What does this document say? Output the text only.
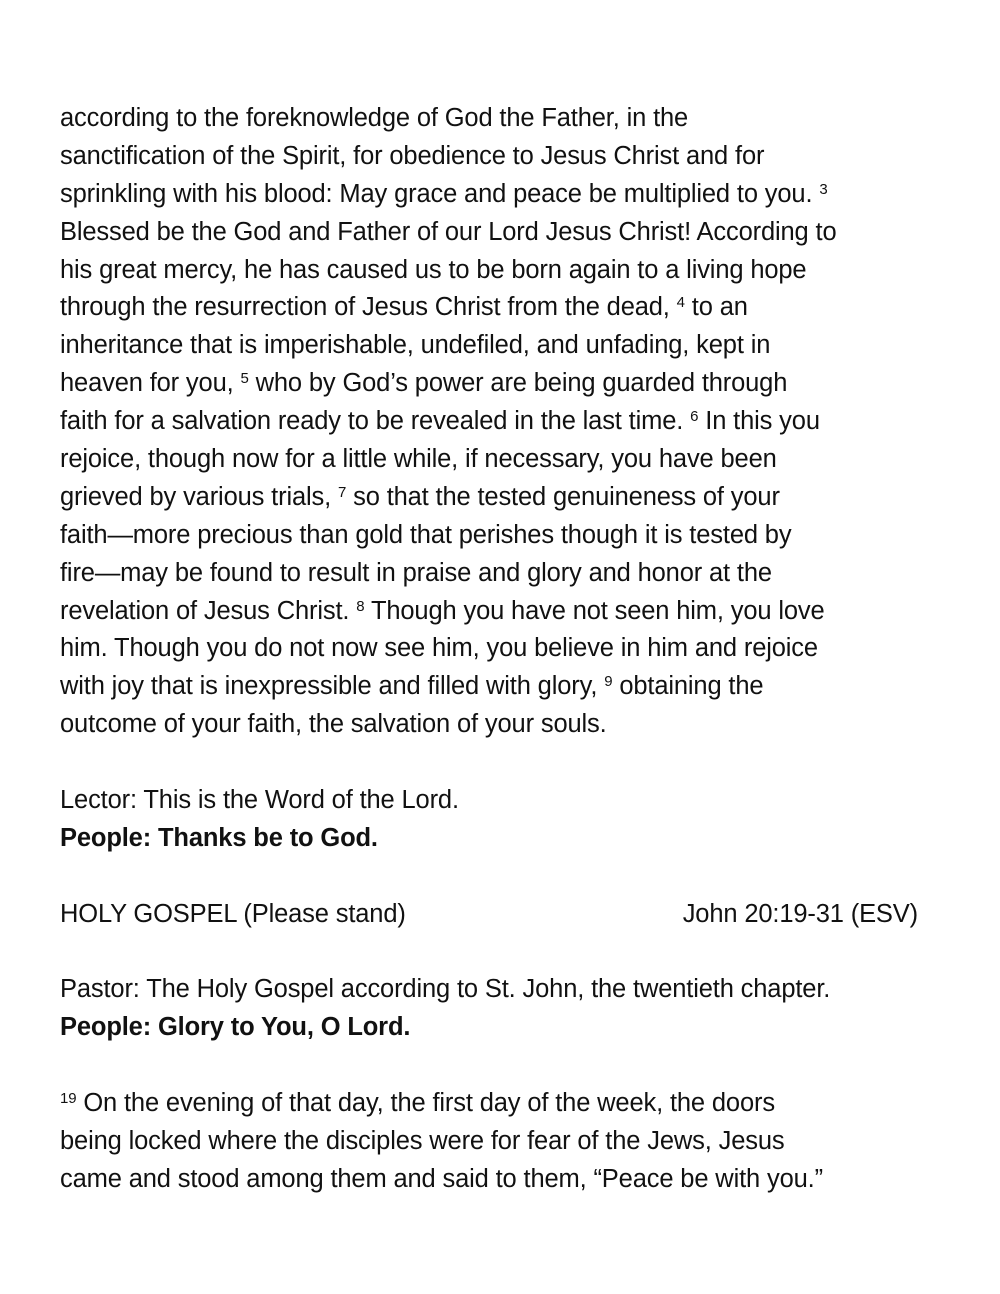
according to the foreknowledge of God the Father, in the
sanctification of the Spirit, for obedience to Jesus Christ and for
sprinkling with his blood: May grace and peace be multiplied to you. $^3$
Blessed be the God and Father of our Lord Jesus Christ! According to
his great mercy, he has caused us to be born again to a living hope
through the resurrection of Jesus Christ from the dead, $^4$ to an
inheritance that is imperishable, undefiled, and unfading, kept in
heaven for you, $^5$ who by God’s power are being guarded through
faith for a salvation ready to be revealed in the last time. $^6$ In this you
rejoice, though now for a little while, if necessary, you have been
grieved by various trials, $^7$ so that the tested genuineness of your
faith—more precious than gold that perishes though it is tested by
fire—may be found to result in praise and glory and honor at the
revelation of Jesus Christ. $^8$ Though you have not seen him, you love
him. Though you do not now see him, you believe in him and rejoice
with joy that is inexpressible and filled with glory, $^9$ obtaining the
outcome of your faith, the salvation of your souls.
Lector: This is the Word of the Lord.
People: Thanks be to God.
HOLY GOSPEL (Please stand)	John 20:19-31 (ESV)
Pastor: The Holy Gospel according to St. John, the twentieth chapter.
People: Glory to You, O Lord.
$^{19}$ On the evening of that day, the first day of the week, the doors
being locked where the disciples were for fear of the Jews, Jesus
came and stood among them and said to them, “Peace be with you.”
